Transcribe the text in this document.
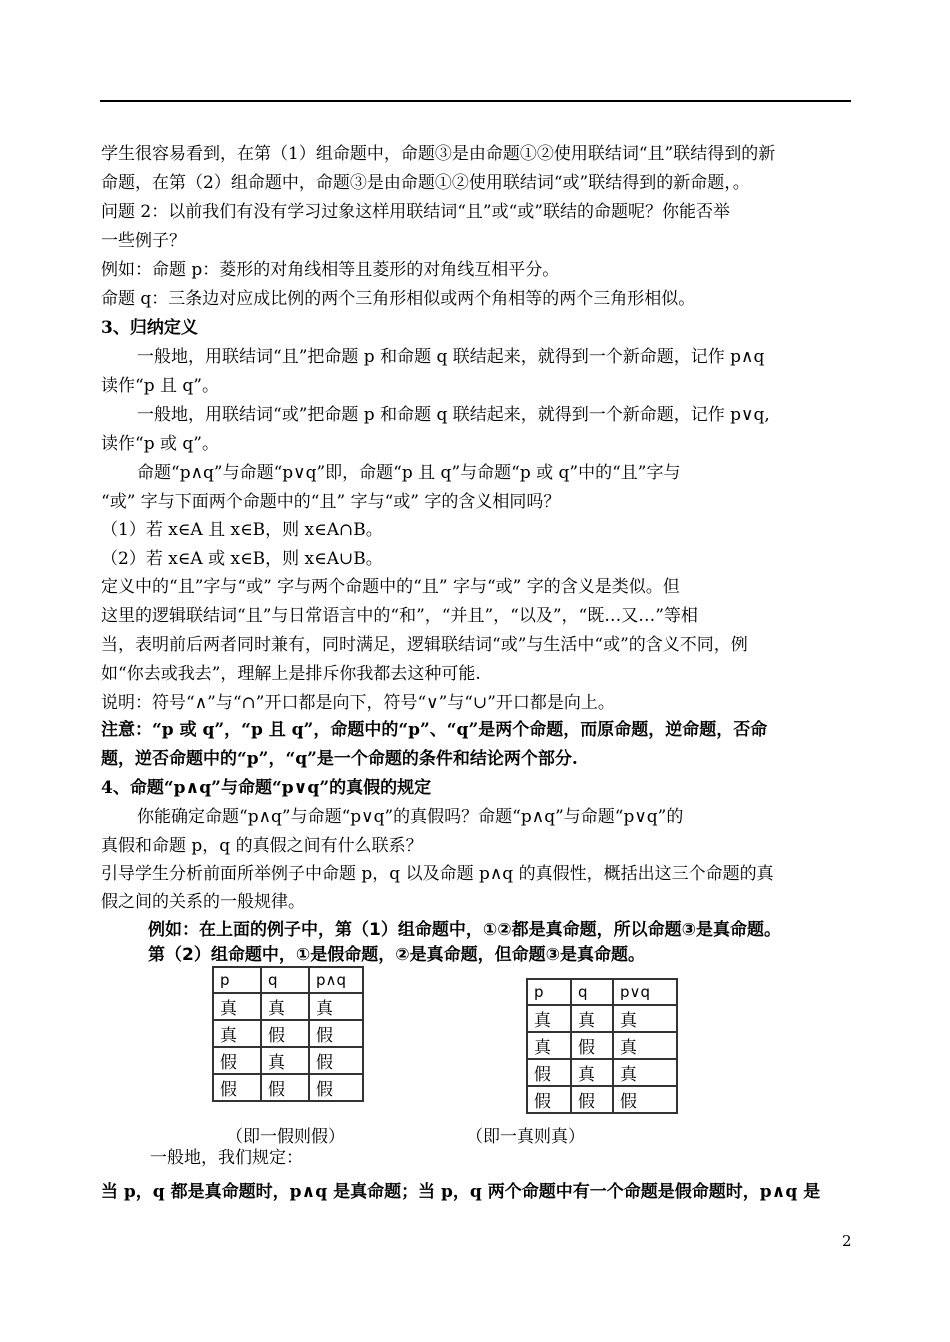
学生很容易看到，在第（1）组命题中，命题③是由命题①②使用联结词“且”联结得到的新
命题，在第（2）组命题中，命题③是由命题①②使用联结词“或”联结得到的新命题，。
问题 2：以前我们有没有学习过象这样用联结词“且”或“或”联结的命题呢？你能否举
一些例子？
例如：命题 p：菱形的对角线相等且菱形的对角线互相平分。
命题 q：三条边对应成比例的两个三角形相似或两个角相等的两个三角形相似。
3、归纳定义
一般地，用联结词“且”把命题 p 和命题 q 联结起来，就得到一个新命题，记作 p∧q
读作“p 且 q”。
一般地，用联结词“或”把命题 p 和命题 q 联结起来，就得到一个新命题，记作 p∨q,
读作“p 或 q”。
命题“p∧q”与命题“p∨q”即，命题“p 且 q”与命题“p 或 q”中的“且”字与
“或” 字与下面两个命题中的“且” 字与“或” 字的含义相同吗？
（1）若 x∈A 且 x∈B，则 x∈A∩B。
（2）若 x∈A 或 x∈B，则 x∈A∪B。
定义中的“且”字与“或” 字与两个命题中的“且” 字与“或” 字的含义是类似。但
这里的逻辑联结词“且”与日常语言中的“和”，“并且”，“以及”，“既…又…”等相
当，表明前后两者同时兼有，同时满足，逻辑联结词“或”与生活中“或”的含义不同，例
如“你去或我去”，理解上是排斥你我都去这种可能.
说明：符号“∧”与“∩”开口都是向下，符号“∨”与“∪”开口都是向上。
注意：“p 或 q”，“p 且 q”，命题中的“p”、“q”是两个命题，而原命题，逆命题，否命
题，逆否命题中的“p”，“q”是一个命题的条件和结论两个部分.
4、命题“p∧q”与命题“p∨q”的真假的规定
你能确定命题“p∧q”与命题“p∨q”的真假吗？命题“p∧q”与命题“p∨q”的
真假和命题 p，q 的真假之间有什么联系？
引导学生分析前面所举例子中命题 p，q 以及命题 p∧q 的真假性，概括出这三个命题的真
假之间的关系的一般规律。
例如：在上面的例子中，第（1）组命题中，①②都是真命题，所以命题③是真命题。
第（2）组命题中，①是假命题，②是真命题，但命题③是真命题。
p	q	p∧q
真	真	真
真	假	假
假	真	假
假	假	假
p	q	p∨q
真	真	真
真	假	真
假	真	真
假	假	假
（即一假则假）	（即一真则真）
一般地，我们规定：
当 p，q 都是真命题时，p∧q 是真命题；当 p，q 两个命题中有一个命题是假命题时，p∧q 是
2
